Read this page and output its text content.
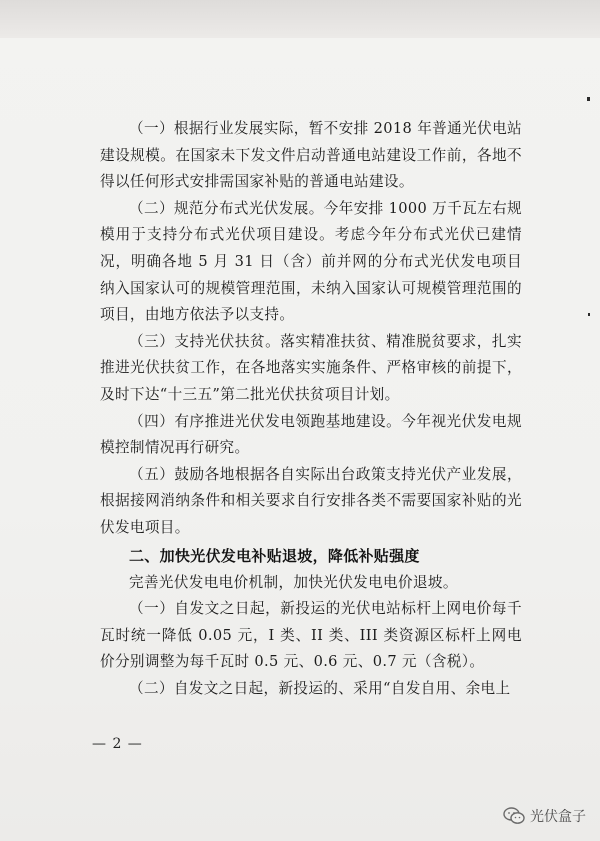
（一）根据行业发展实际，暂不安排 2018 年普通光伏电站建设规模。在国家未下发文件启动普通电站建设工作前，各地不得以任何形式安排需国家补贴的普通电站建设。

（二）规范分布式光伏发展。今年安排 1000 万千瓦左右规模用于支持分布式光伏项目建设。考虑今年分布式光伏已建情况，明确各地 5 月 31 日（含）前并网的分布式光伏发电项目纳入国家认可的规模管理范围，未纳入国家认可规模管理范围的项目，由地方依法予以支持。

（三）支持光伏扶贫。落实精准扶贫、精准脱贫要求，扎实推进光伏扶贫工作，在各地落实实施条件、严格审核的前提下，及时下达“十三五”第二批光伏扶贫项目计划。

（四）有序推进光伏发电领跑基地建设。今年视光伏发电规模控制情况再行研究。

（五）鼓励各地根据各自实际出台政策支持光伏产业发展，根据接网消纳条件和相关要求自行安排各类不需要国家补贴的光伏发电项目。

二、加快光伏发电补贴退坡，降低补贴强度

完善光伏发电电价机制，加快光伏发电电价退坡。

（一）自发文之日起，新投运的光伏电站标杆上网电价每千瓦时统一降低 0.05 元，I 类、II 类、III 类资源区标杆上网电价分别调整为每千瓦时 0.5 元、0.6 元、0.7 元（含税）。

（二）自发文之日起，新投运的、采用“自发自用、余电上

— 2 —
光伏盒子
